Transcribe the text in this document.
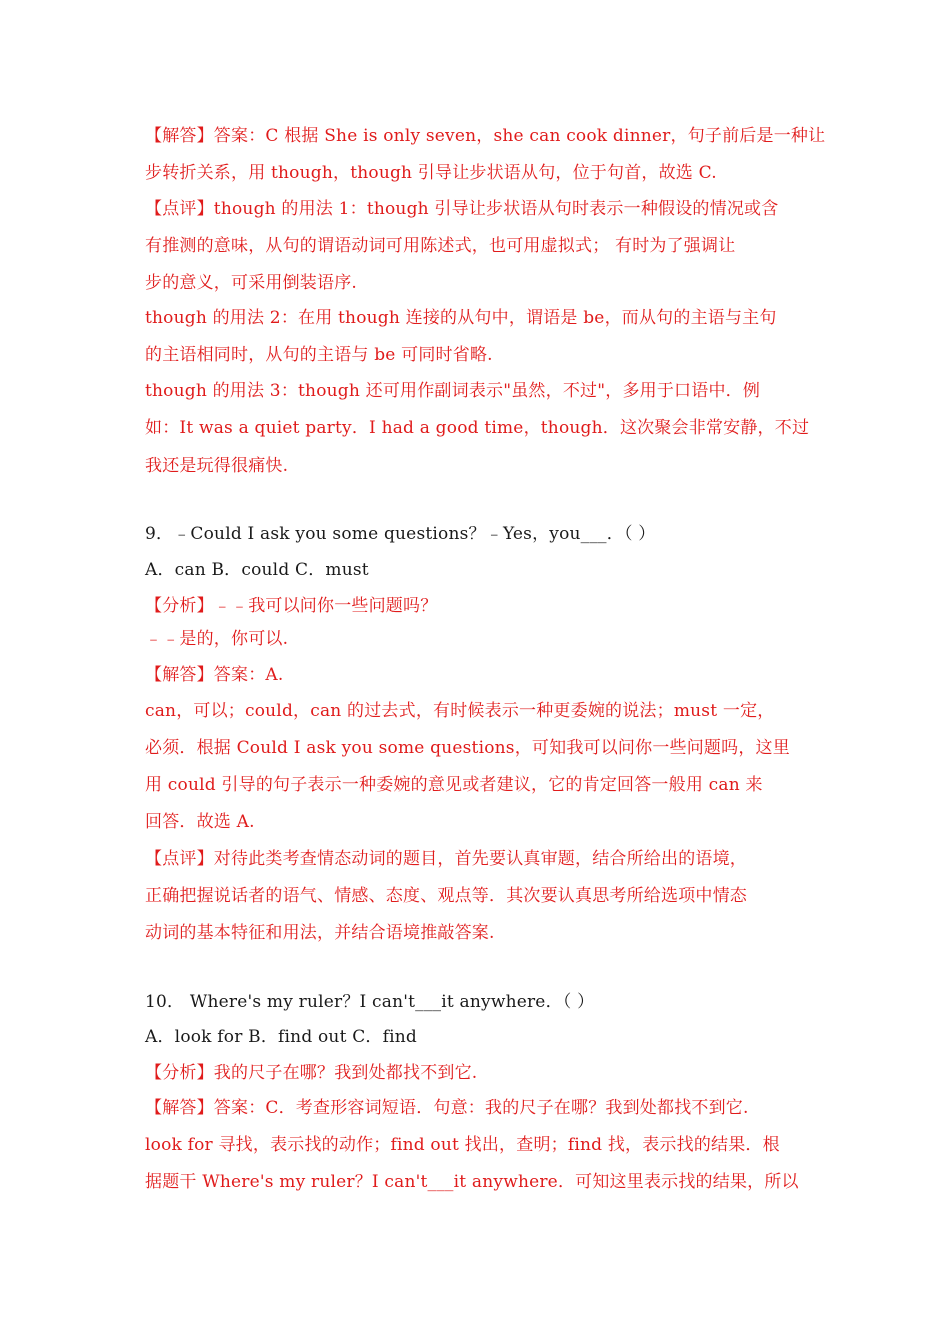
【解答】答案：C 根据 She is only seven，she can cook dinner，句子前后是一种让
步转折关系，用 though，though 引导让步状语从句，位于句首，故选 C.
【点评】though 的用法 1：though 引导让步状语从句时表示一种假设的情况或含
有推测的意味，从句的谓语动词可用陈述式，也可用虚拟式； 有时为了强调让
步的意义，可采用倒装语序.
though 的用法 2：在用 though 连接的从句中，谓语是 be，而从句的主语与主句
的主语相同时，从句的主语与 be 可同时省略.
though 的用法 3：though 还可用作副词表示"虽然，不过"，多用于口语中．例
如：It was a quiet party．I had a good time，though．这次聚会非常安静，不过
我还是玩得很痛快.
9．﹣Could I ask you some questions？﹣Yes，you___．（ ）
A．can B．could C．must
【分析】﹣﹣我可以问你一些问题吗？
﹣﹣是的，你可以.
【解答】答案：A.
can，可以；could，can 的过去式，有时候表示一种更委婉的说法；must 一定，
必须．根据 Could I ask you some questions，可知我可以问你一些问题吗，这里
用 could 引导的句子表示一种委婉的意见或者建议，它的肯定回答一般用 can 来
回答．故选 A.
【点评】对待此类考查情态动词的题目，首先要认真审题，结合所给出的语境，
正确把握说话者的语气、情感、态度、观点等．其次要认真思考所给选项中情态
动词的基本特征和用法，并结合语境推敲答案.
10． Where's my ruler？I can't___it anywhere．（ ）
A．look for B．find out C．find
【分析】我的尺子在哪？我到处都找不到它.
【解答】答案：C．考查形容词短语．句意：我的尺子在哪？我到处都找不到它.
look for 寻找，表示找的动作；find out 找出，查明；find 找，表示找的结果．根
据题干 Where's my ruler？I can't___it anywhere．可知这里表示找的结果，所以
